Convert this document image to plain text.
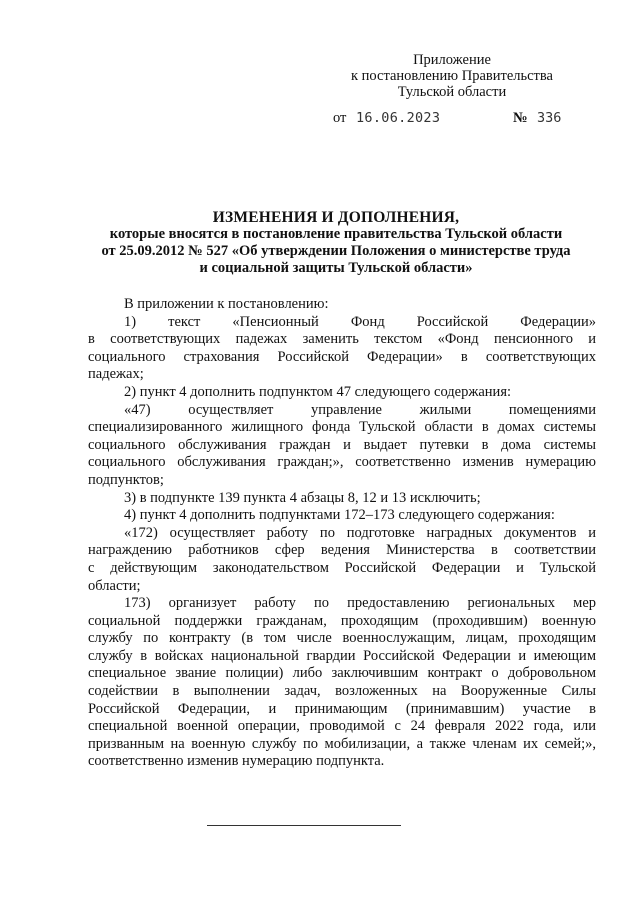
Приложение
к постановлению Правительства
Тульской области
от 16.06.2023	№ 336
ИЗМЕНЕНИЯ И ДОПОЛНЕНИЯ,
которые вносятся в постановление правительства Тульской области
от 25.09.2012 № 527 «Об утверждении Положения о министерстве труда
и социальной защиты Тульской области»
В приложении к постановлению:
1) текст «Пенсионный Фонд Российской Федерации»
в соответствующих падежах заменить текстом «Фонд пенсионного и
социального страхования Российской Федерации» в соответствующих
падежах;
2) пункт 4 дополнить подпунктом 47 следующего содержания:
«47) осуществляет управление жилыми помещениями
специализированного жилищного фонда Тульской области в домах системы
социального обслуживания граждан и выдает путевки в дома системы
социального обслуживания граждан;», соответственно изменив нумерацию
подпунктов;
3) в подпункте 139 пункта 4 абзацы 8, 12 и 13 исключить;
4) пункт 4 дополнить подпунктами 172–173 следующего содержания:
«172) осуществляет работу по подготовке наградных документов и
награждению работников сфер ведения Министерства в соответствии
с действующим законодательством Российской Федерации и Тульской
области;
173) организует работу по предоставлению региональных мер
социальной поддержки гражданам, проходящим (проходившим) военную
службу по контракту (в том числе военнослужащим, лицам, проходящим
службу в войсках национальной гвардии Российской Федерации и имеющим
специальное звание полиции) либо заключившим контракт о добровольном
содействии в выполнении задач, возложенных на Вооруженные Силы
Российской Федерации, и принимающим (принимавшим) участие в
специальной военной операции, проводимой с 24 февраля 2022 года, или
призванным на военную службу по мобилизации, а также членам их семей;»,
соответственно изменив нумерацию подпункта.
